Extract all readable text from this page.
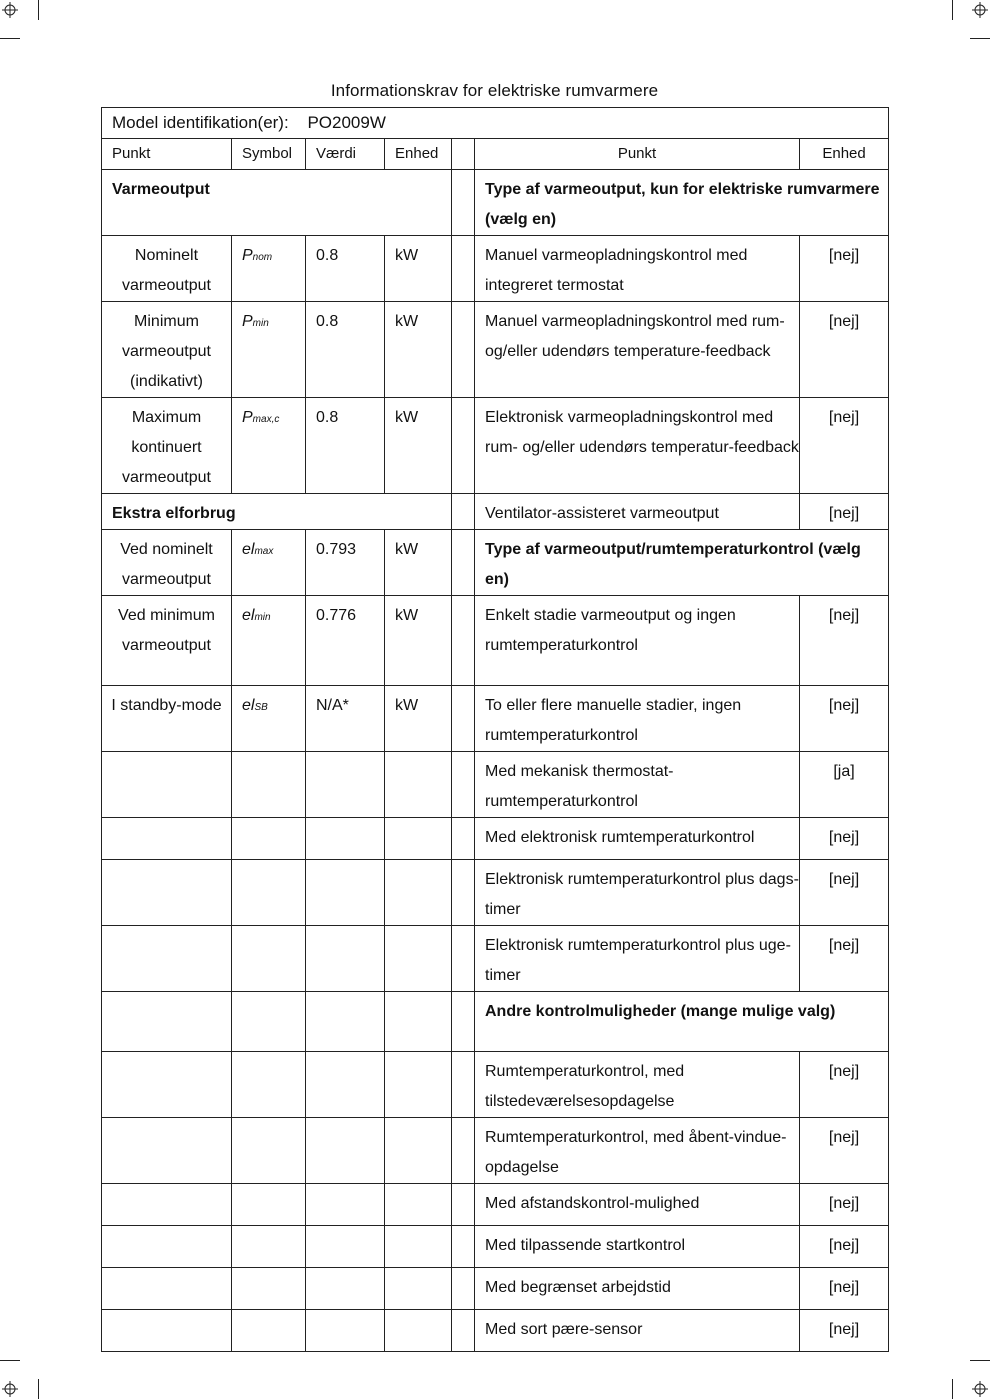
Informationskrav for elektriske rumvarmere
Model identifikation(er): PO2009W						
Punkt	Symbol	Værdi	Enhed		Punkt	Enhed
Varmeoutput					Type af varmeoutput, kun for elektriske rumvarmere (vælg en)	
Nominelt varmeoutput	Pnom	0.8	kW		Manuel varmeopladningskontrol med integreret termostat	[nej]
Minimum varmeoutput (indikativt)	Pmin	0.8	kW		Manuel varmeopladningskontrol med rum- og/eller udendørs temperature-feedback	[nej]
Maximum kontinuert varmeoutput	Pmax,c	0.8	kW		Elektronisk varmeopladningskontrol med rum- og/eller udendørs temperatur-feedback	[nej]
Ekstra elforbrug					Ventilator-assisteret varmeoutput	[nej]
Ved nominelt varmeoutput	elmax	0.793	kW		Type af varmeoutput/rumtemperaturkontrol (vælg en)	
Ved minimum varmeoutput	elmin	0.776	kW		Enkelt stadie varmeoutput og ingen rumtemperaturkontrol	[nej]
I standby-mode	elSB	N/A*	kW		To eller flere manuelle stadier, ingen rumtemperaturkontrol	[nej]
					Med mekanisk thermostat-rumtemperaturkontrol	[ja]
					Med elektronisk rumtemperaturkontrol	[nej]
					Elektronisk rumtemperaturkontrol plus dags-timer	[nej]
					Elektronisk rumtemperaturkontrol plus uge-timer	[nej]
					Andre kontrolmuligheder (mange mulige valg)	
					Rumtemperaturkontrol, med tilstedeværelsesopdagelse	[nej]
					Rumtemperaturkontrol, med åbent-vindue-opdagelse	[nej]
					Med afstandskontrol-mulighed	[nej]
					Med tilpassende startkontrol	[nej]
					Med begrænset arbejdstid	[nej]
					Med sort pære-sensor	[nej]
